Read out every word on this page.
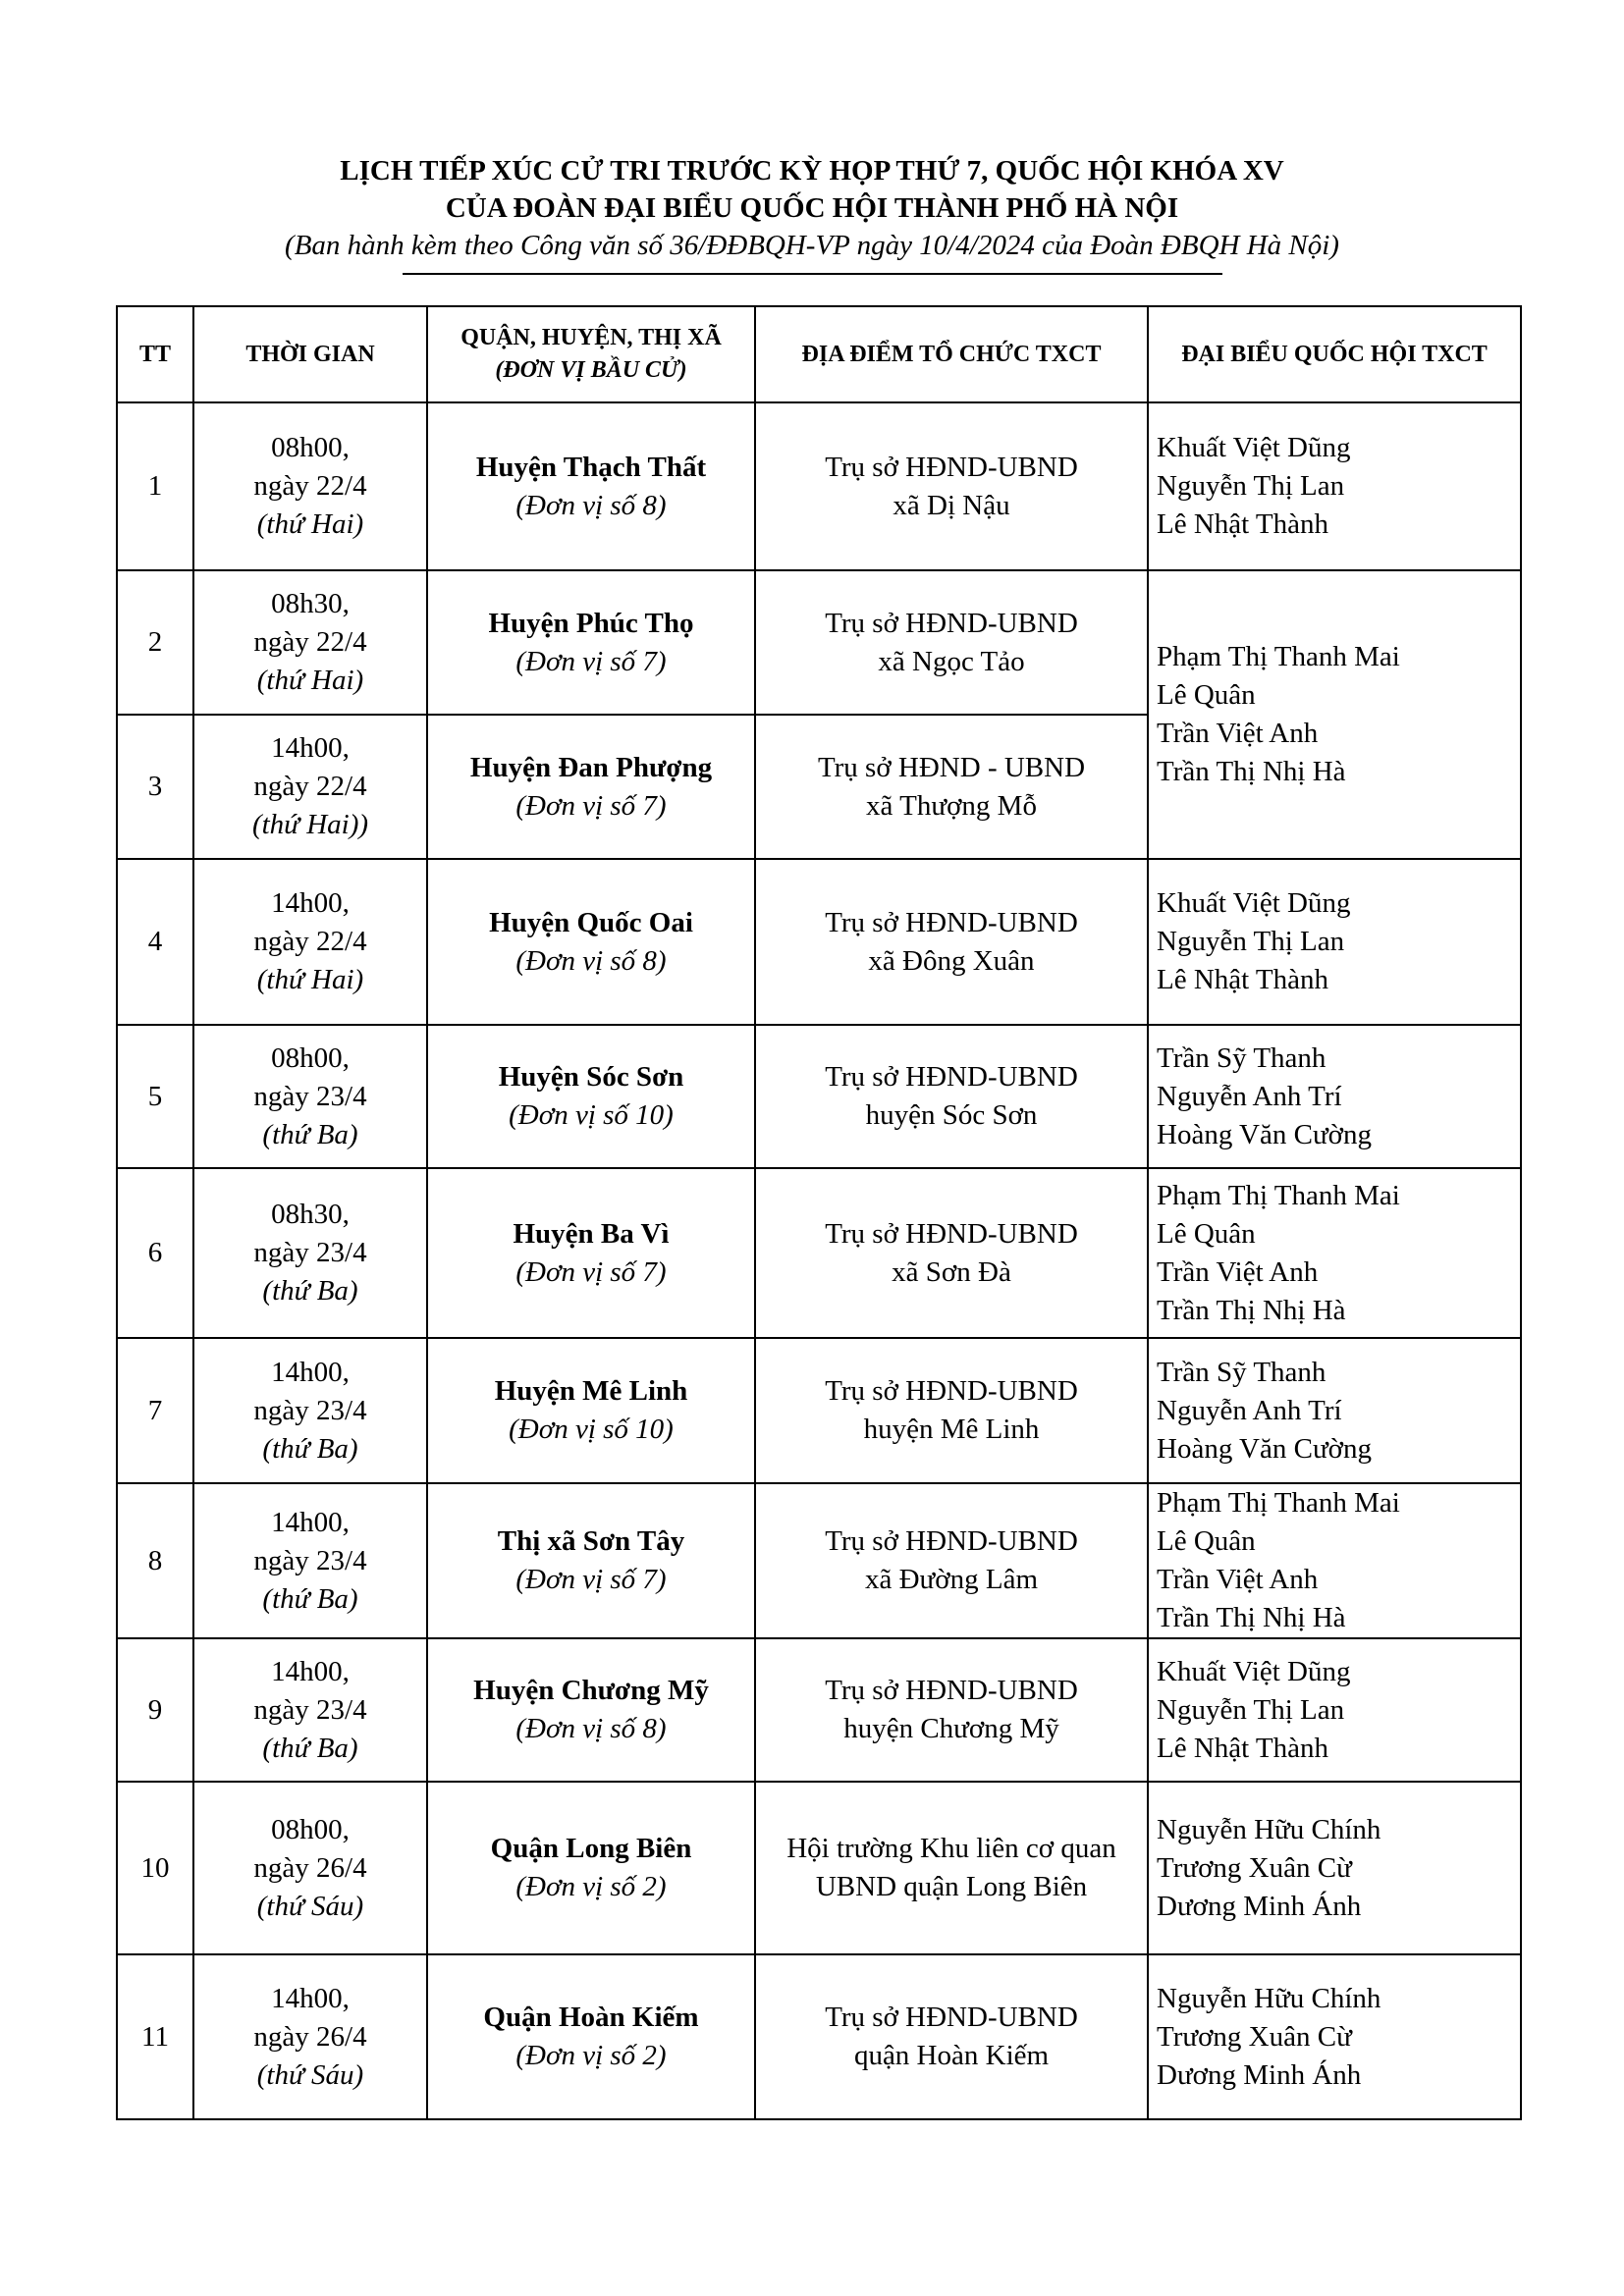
LỊCH TIẾP XÚC CỬ TRI TRƯỚC KỲ HỌP THỨ 7, QUỐC HỘI KHÓA XV
CỦA ĐOÀN ĐẠI BIỂU QUỐC HỘI THÀNH PHỐ HÀ NỘI
(Ban hành kèm theo Công văn số 36/ĐĐBQH-VP ngày 10/4/2024 của Đoàn ĐBQH Hà Nội)
TT	THỜI GIAN	QUẬN, HUYỆN, THỊ XÃ
(ĐƠN VỊ BẦU CỬ)	ĐỊA ĐIỂM TỔ CHỨC TXCT	ĐẠI BIỂU QUỐC HỘI TXCT
1	08h00,
ngày 22/4
(thứ Hai)	Huyện Thạch Thất
(Đơn vị số 8)	Trụ sở HĐND-UBND
xã Dị Nậu	Khuất Việt Dũng
Nguyễn Thị Lan
Lê Nhật Thành

2	08h30,
ngày 22/4
(thứ Hai)	Huyện Phúc Thọ
(Đơn vị số 7)	Trụ sở HĐND-UBND
xã Ngọc Tảo	Phạm Thị Thanh Mai
Lê Quân
Trần Việt Anh
Trần Thị Nhị Hà

3	14h00,
ngày 22/4
(thứ Hai))	Huyện Đan Phượng
(Đơn vị số 7)	Trụ sở HĐND - UBND
xã Thượng Mỗ	

4	14h00,
ngày 22/4
(thứ Hai)	Huyện Quốc Oai
(Đơn vị số 8)	Trụ sở HĐND-UBND
xã Đông Xuân	Khuất Việt Dũng
Nguyễn Thị Lan
Lê Nhật Thành

5	08h00,
ngày 23/4
(thứ Ba)	Huyện Sóc Sơn
(Đơn vị số 10)	Trụ sở HĐND-UBND
huyện Sóc Sơn	Trần Sỹ Thanh
Nguyễn Anh Trí
Hoàng Văn Cường

6	08h30,
ngày 23/4
(thứ Ba)	Huyện Ba Vì
(Đơn vị số 7)	Trụ sở HĐND-UBND
xã Sơn Đà	Phạm Thị Thanh Mai
Lê Quân
Trần Việt Anh
Trần Thị Nhị Hà

7	14h00,
ngày 23/4
(thứ Ba)	Huyện Mê Linh
(Đơn vị số 10)	Trụ sở HĐND-UBND
huyện Mê Linh	Trần Sỹ Thanh
Nguyễn Anh Trí
Hoàng Văn Cường

8	14h00,
ngày 23/4
(thứ Ba)	Thị xã Sơn Tây
(Đơn vị số 7)	Trụ sở HĐND-UBND
xã Đường Lâm	Phạm Thị Thanh Mai
Lê Quân
Trần Việt Anh
Trần Thị Nhị Hà

9	14h00,
ngày 23/4
(thứ Ba)	Huyện Chương Mỹ
(Đơn vị số 8)	Trụ sở HĐND-UBND
huyện Chương Mỹ	Khuất Việt Dũng
Nguyễn Thị Lan
Lê Nhật Thành

10	08h00,
ngày 26/4
(thứ Sáu)	Quận Long Biên
(Đơn vị số 2)	Hội trường Khu liên cơ quan
UBND quận Long Biên	Nguyễn Hữu Chính
Trương Xuân Cừ
Dương Minh Ánh

11	14h00,
ngày 26/4
(thứ Sáu)	Quận Hoàn Kiếm
(Đơn vị số 2)	Trụ sở HĐND-UBND
quận Hoàn Kiếm	Nguyễn Hữu Chính
Trương Xuân Cừ
Dương Minh Ánh
